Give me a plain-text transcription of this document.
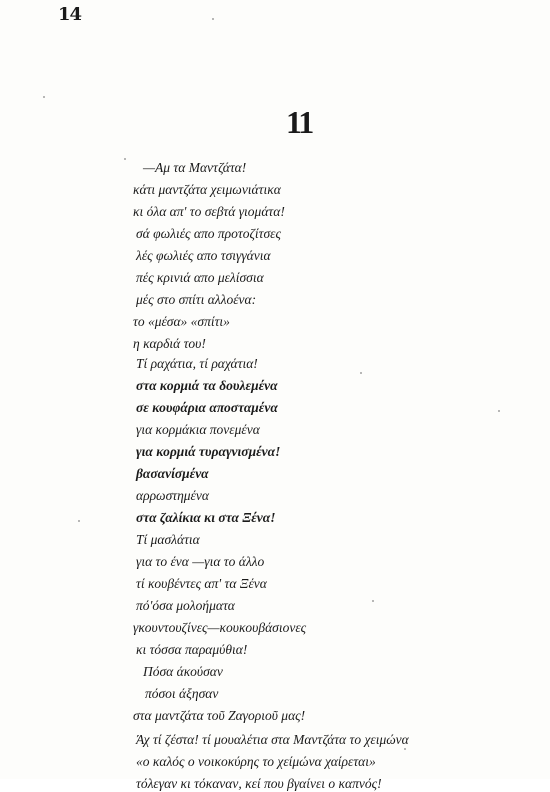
14
11
—Αμ τα Μαντζάτα!
κάτι μαντζάτα χειμωνιάτικα
κι όλα απ' το σεβτά γιομάτα!
σά φωλιές απο προτοζίτσες
λές φωλιές απο τσιγγάνια
πές κρινιά απο μελίσσια
μές στο σπίτι αλλοένα:
το «μέσα» «σπίτι»
η καρδιά του!
Τί ραχάτια, τί ραχάτια!
στα κορμιά τα δουλεμένα
σε κουφάρια αποσταμένα
για κορμάκια πονεμένα
για κορμιά τυραγνισμένα!
βασανίσμένα
αρρωστημένα
στα ζαλίκια κι στα Ξένα!
Τί μασλάτια
για το ένα —για το άλλο
τί κουβέντες απ' τα Ξένα
πό'όσα μολοήματα
γκουντουζίνες—κουκουβάσιονες
κι τόσσα παραμύθια!
Πόσα άκούσαν
πόσοι άξησαν
στα μαντζάτα τοῦ Ζαγοριοῦ μας!
Άχ τί ζέστα! τί μουαλέτια στα Μαντζάτα το χειμώνα
«ο καλός ο νοικοκύρης το χείμώνα χαίρεται»
τόλεγαν κι τόκαναν, κεί που βγαίνει ο καπνός!
